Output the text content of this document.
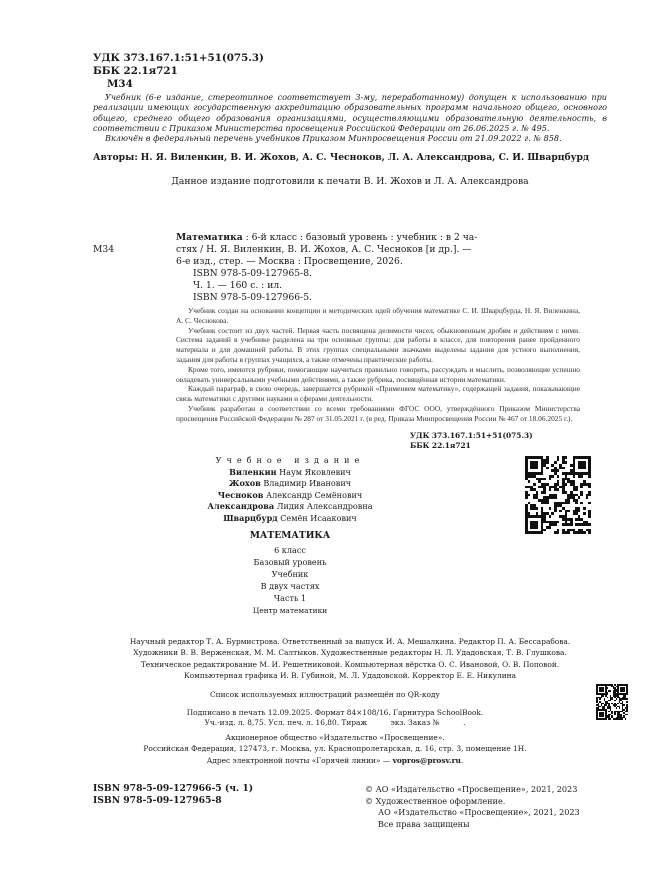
УДК 373.167.1:51+51(075.3)
ББК 22.1я721
М34

Учебник (6-е издание, стереотипное соответствует 3-му, переработанному) допущен к использованию при реализации имеющих государственную аккредитацию образовательных программ начального общего, основного общего, среднего общего образования организациями, осуществляющими образовательную деятельность, в соответствии с Приказом Министерства просвещения Российской Федерации от 26.06.2025 г. № 495.

Включён в федеральный перечень учебников Приказом Минпросвещения России от 21.09.2022 г. № 858.

Авторы: Н. Я. Виленкин, В. И. Жохов, А. С. Чесноков, Л. А. Александрова, С. И. Шварцбурд
Данное издание подготовили к печати В. И. Жохов и Л. А. Александрова
Математика : 6-й класс : базовый уровень : учебник : в 2 ча-
М34	стях / Н. Я. Виленкин, В. И. Жохов, А. С. Чесноков [и др.]. —
6-е изд., стер. — Москва : Просвещение, 2026.
ISBN 978-5-09-127965-8.
Ч. 1. — 160 с. : ил.
ISBN 978-5-09-127966-5.

Учебник создан на основании концепции и методических идей обучения математике С. И. Шварцбурда, Н. Я. Виленкина, А. С. Чеснокова.

Учебник состоит из двух частей. Первая часть посвящена делимости чисел, обыкновенным дробям и действиям с ними. Система заданий в учебнике разделена на три основные группы: для работы в классе, для повторения ранее пройденного материала и для домашней работы. В этих группах специальными значками выделены задания для устного выполнения, задания для работы в группах учащихся, а также отмечены практические работы.

Кроме того, имеются рубрики, помогающие научиться правильно говорить, рассуждать и мыслить, позволяющие успешно овладевать универсальными учебными действиями, а также рубрика, посвящённая истории математики.

Каждый параграф, в свою очередь, завершается рубрикой «Применяем математику», содержащей задания, показывающие связь математики с другими науками и сферами деятельности.

Учебник разработан в соответствии со всеми требованиями ФГОС ООО, утверждённого Приказом Министерства просвещения Российской Федерации № 287 от 31.05.2021 г. (в ред. Приказа Минпросвещения России № 467 от 18.06.2025 г.).

УДК 373.167.1:51+51(075.3)
ББК 22.1я721
Учебное издание
Виленкин Наум Яковлевич
Жохов Владимир Иванович
Чесноков Александр Семёнович
Александрова Лидия Александровна
Шварцбурд Семён Исаакович
МАТЕМАТИКА
6 класс
Базовый уровень
Учебник
В двух частях
Часть 1
Центр математики
Научный редактор Т. А. Бурмистрова. Ответственный за выпуск И. А. Мешалкина. Редактор П. А. Бессарабова.
Художники В. В. Верженская, М. М. Салтыков. Художественные редакторы Н. Л. Удадовская, Т. В. Глушкова.
Техническое редактирование М. И. Решетниковой. Компьютерная вёрстка О. С. Ивановой, О. В. Поповой.
Компьютерная графика И. В. Губиной, М. Л. Удадовской. Корректор Е. Е. Никулина
Список используемых иллюстраций размещён по QR-коду
Подписано в печать 12.09.2025. Формат 84×108/16. Гарнитура SchoolBook.
Уч.-изд. л. 8,75. Усл. печ. л. 16,80. Тираж          экз. Заказ №          .
Акционерное общество «Издательство «Просвещение».
Российская Федерация, 127473, г. Москва, ул. Краснопролетарская, д. 16, стр. 3, помещение 1Н.
Адрес электронной почты «Горячей линии» — vopros@prosv.ru.
ISBN 978-5-09-127966-5 (ч. 1)
ISBN 978-5-09-127965-8
© АО «Издательство «Просвещение», 2021, 2023
© Художественное оформление.
АО «Издательство «Просвещение», 2021, 2023
Все права защищены
